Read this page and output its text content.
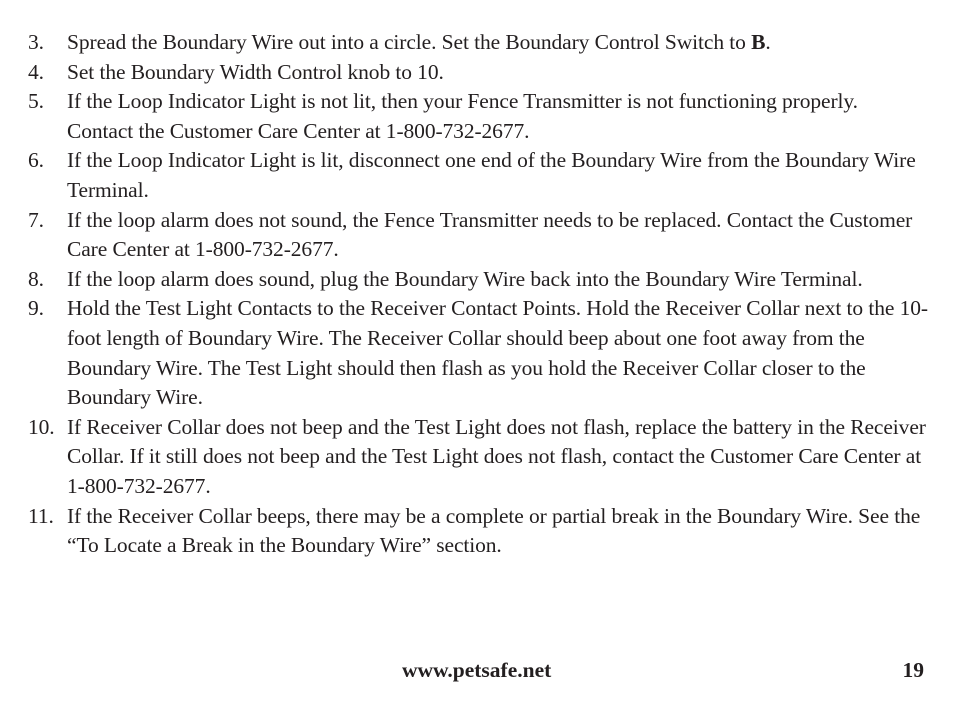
3. Spread the Boundary Wire out into a circle. Set the Boundary Control Switch to B.
4. Set the Boundary Width Control knob to 10.
5. If the Loop Indicator Light is not lit, then your Fence Transmitter is not functioning properly. Contact the Customer Care Center at 1-800-732-2677.
6. If the Loop Indicator Light is lit, disconnect one end of the Boundary Wire from the Boundary Wire Terminal.
7. If the loop alarm does not sound, the Fence Transmitter needs to be replaced. Contact the Customer Care Center at 1-800-732-2677.
8. If the loop alarm does sound, plug the Boundary Wire back into the Boundary Wire Terminal.
9. Hold the Test Light Contacts to the Receiver Contact Points. Hold the Receiver Collar next to the 10-foot length of Boundary Wire. The Receiver Collar should beep about one foot away from the Boundary Wire. The Test Light should then flash as you hold the Receiver Collar closer to the Boundary Wire.
10. If Receiver Collar does not beep and the Test Light does not flash, replace the battery in the Receiver Collar. If it still does not beep and the Test Light does not flash, contact the Customer Care Center at 1-800-732-2677.
11. If the Receiver Collar beeps, there may be a complete or partial break in the Boundary Wire. See the “To Locate a Break in the Boundary Wire” section.
www.petsafe.net	19
